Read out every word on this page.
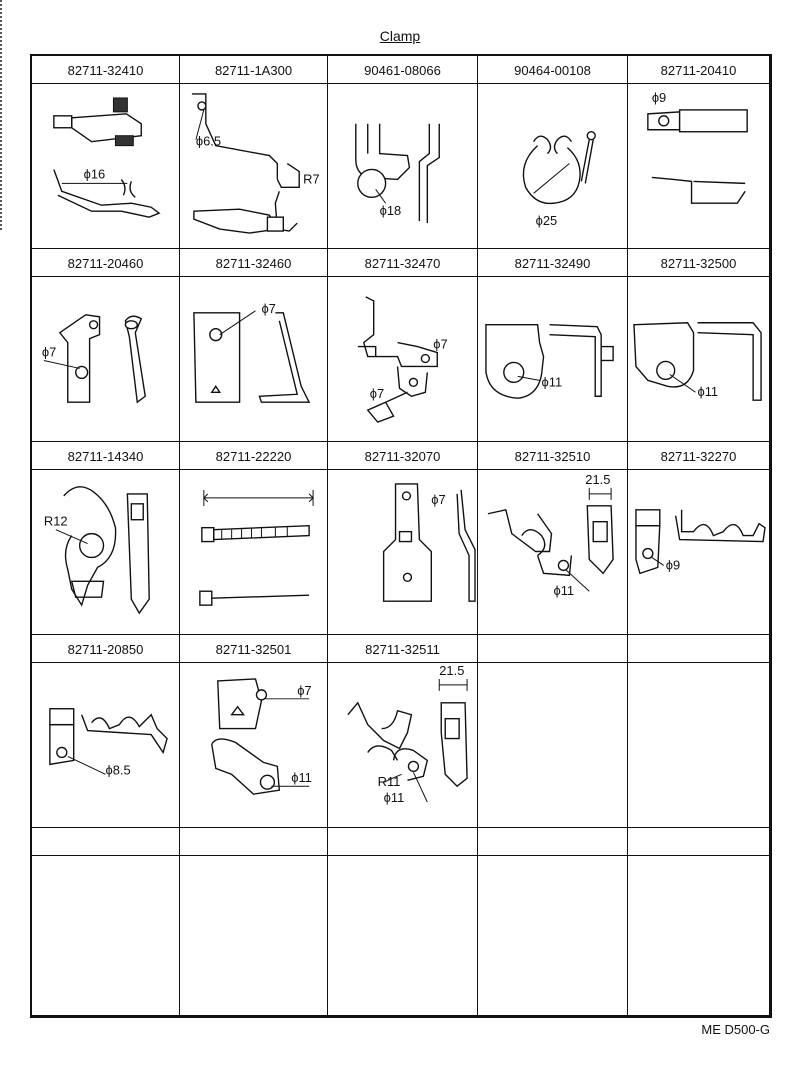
Clamp
82711-32410
ϕ16
82711-1A300
ϕ6.5
R7
90461-08066
ϕ18
90464-00108
ϕ25
82711-20410
ϕ9
82711-20460
ϕ7
82711-32460
ϕ7
82711-32470
ϕ7
ϕ7
82711-32490
ϕ11
82711-32500
ϕ11
82711-14340
R12
82711-22220	82711-32070
ϕ7
82711-32510
21.5
ϕ11
82711-32270
ϕ9
82711-20850
ϕ8.5
82711-32501
ϕ7
ϕ11
82711-32511
21.5
R11
ϕ11
ME D500-G
